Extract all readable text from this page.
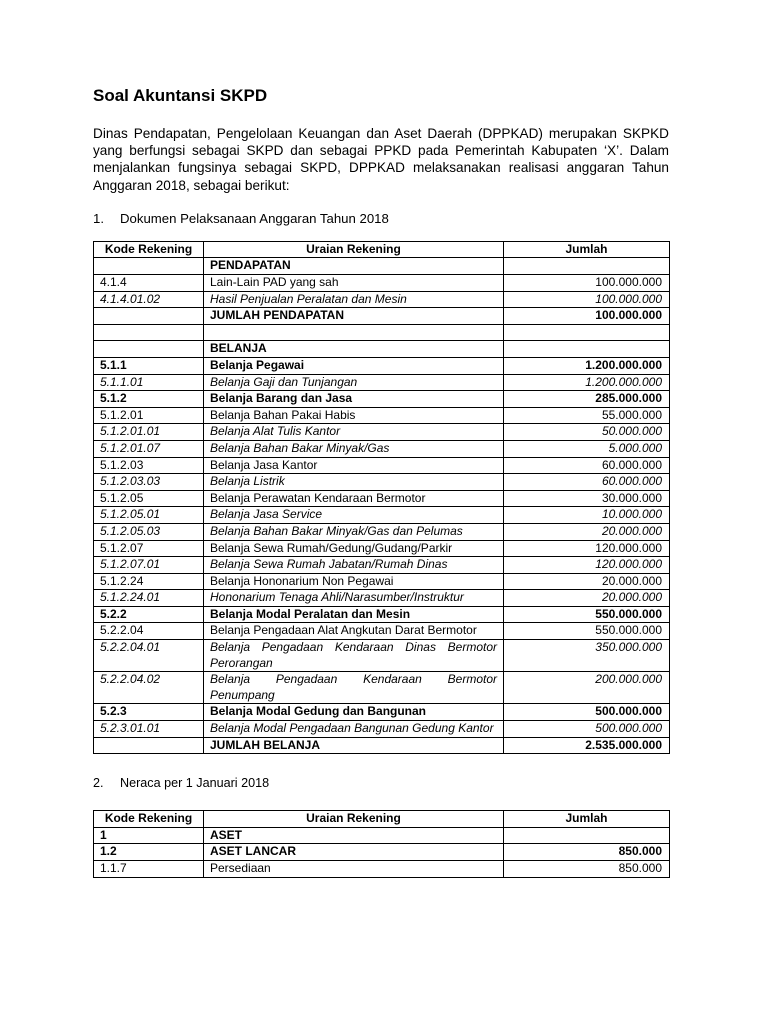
Soal Akuntansi SKPD
Dinas Pendapatan, Pengelolaan Keuangan dan Aset Daerah (DPPKAD) merupakan SKPKD yang berfungsi sebagai SKPD dan sebagai PPKD pada Pemerintah Kabupaten ‘X’. Dalam menjalankan fungsinya sebagai SKPD, DPPKAD melaksanakan realisasi anggaran Tahun Anggaran 2018, sebagai berikut:
1.	Dokumen Pelaksanaan Anggaran Tahun 2018
Kode Rekening	Uraian Rekening	Jumlah
	PENDAPATAN	
4.1.4	Lain-Lain PAD yang sah	100.000.000
4.1.4.01.02	Hasil Penjualan Peralatan dan Mesin	100.000.000
	JUMLAH PENDAPATAN	100.000.000

	BELANJA	
5.1.1	Belanja Pegawai	1.200.000.000
5.1.1.01	Belanja Gaji dan Tunjangan	1.200.000.000
5.1.2	Belanja Barang dan Jasa	285.000.000
5.1.2.01	Belanja Bahan Pakai Habis	55.000.000
5.1.2.01.01	Belanja Alat Tulis Kantor	50.000.000
5.1.2.01.07	Belanja Bahan Bakar Minyak/Gas	5.000.000
5.1.2.03	Belanja Jasa Kantor	60.000.000
5.1.2.03.03	Belanja Listrik	60.000.000
5.1.2.05	Belanja Perawatan Kendaraan Bermotor	30.000.000
5.1.2.05.01	Belanja Jasa Service	10.000.000
5.1.2.05.03	Belanja Bahan Bakar Minyak/Gas dan Pelumas	20.000.000
5.1.2.07	Belanja Sewa Rumah/Gedung/Gudang/Parkir	120.000.000
5.1.2.07.01	Belanja Sewa Rumah Jabatan/Rumah Dinas	120.000.000
5.1.2.24	Belanja Hononarium Non Pegawai	20.000.000
5.1.2.24.01	Hononarium Tenaga Ahli/Narasumber/Instruktur	20.000.000
5.2.2	Belanja Modal Peralatan dan Mesin	550.000.000
5.2.2.04	Belanja Pengadaan Alat Angkutan Darat Bermotor	550.000.000
5.2.2.04.01	Belanja Pengadaan Kendaraan Dinas Bermotor Perorangan	350.000.000
5.2.2.04.02	Belanja Pengadaan Kendaraan Bermotor Penumpang	200.000.000
5.2.3	Belanja Modal Gedung dan Bangunan	500.000.000
5.2.3.01.01	Belanja Modal Pengadaan Bangunan Gedung Kantor	500.000.000
	JUMLAH BELANJA	2.535.000.000
2.	Neraca per 1 Januari 2018
Kode Rekening	Uraian Rekening	Jumlah
1	ASET	
1.2	ASET LANCAR	850.000
1.1.7	Persediaan	850.000
